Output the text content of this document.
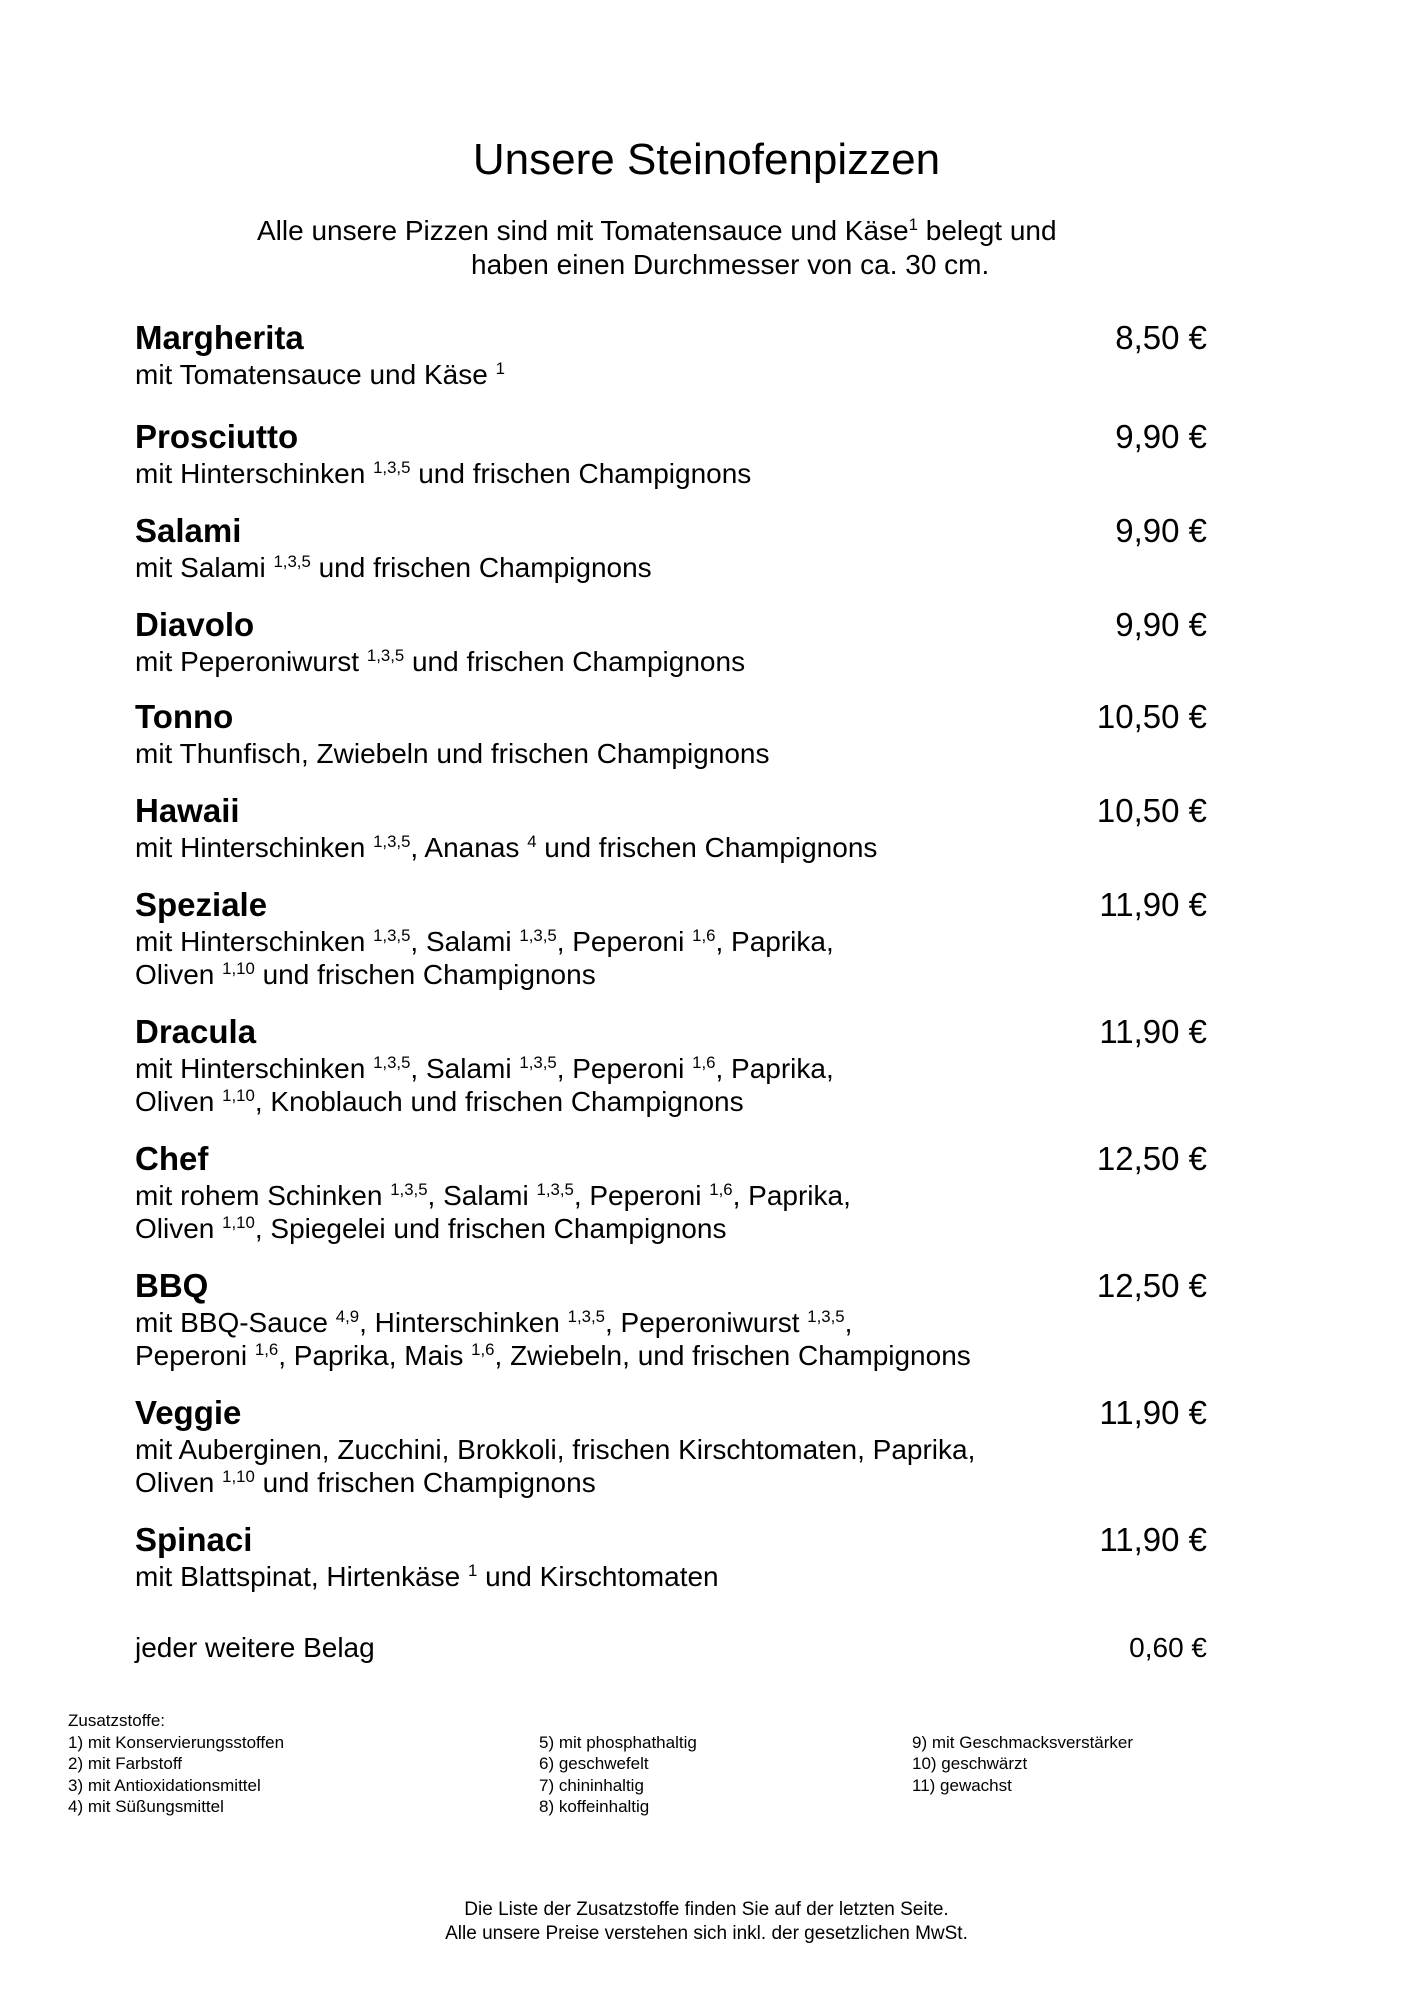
Unsere Steinofenpizzen
Alle unsere Pizzen sind mit Tomatensauce und Käse$^1$ belegt und
haben einen Durchmesser von ca. 30 cm.
Margherita	8,50 €
mit Tomatensauce und Käse $^1$
Prosciutto	9,90 €
mit Hinterschinken $^{1,3,5}$ und frischen Champignons
Salami	9,90 €
mit Salami $^{1,3,5}$ und frischen Champignons
Diavolo	9,90 €
mit Peperoniwurst $^{1,3,5}$ und frischen Champignons
Tonno	10,50 €
mit Thunfisch, Zwiebeln und frischen Champignons
Hawaii	10,50 €
mit Hinterschinken $^{1,3,5}$, Ananas $^4$ und frischen Champignons
Speziale	11,90 €
mit Hinterschinken $^{1,3,5}$, Salami $^{1,3,5}$, Peperoni $^{1,6}$, Paprika,
Oliven $^{1,10}$ und frischen Champignons
Dracula	11,90 €
mit Hinterschinken $^{1,3,5}$, Salami $^{1,3,5}$, Peperoni $^{1,6}$, Paprika,
Oliven $^{1,10}$, Knoblauch und frischen Champignons
Chef	12,50 €
mit rohem Schinken $^{1,3,5}$, Salami $^{1,3,5}$, Peperoni $^{1,6}$, Paprika,
Oliven $^{1,10}$, Spiegelei und frischen Champignons
BBQ	12,50 €
mit BBQ-Sauce $^{4,9}$, Hinterschinken $^{1,3,5}$, Peperoniwurst $^{1,3,5}$,
Peperoni $^{1,6}$, Paprika, Mais $^{1,6}$, Zwiebeln, und frischen Champignons
Veggie	11,90 €
mit Auberginen, Zucchini, Brokkoli, frischen Kirschtomaten, Paprika,
Oliven $^{1,10}$ und frischen Champignons
Spinaci	11,90 €
mit Blattspinat, Hirtenkäse $^1$ und Kirschtomaten
jeder weitere Belag	0,60 €
Zusatzstoffe:
1) mit Konservierungsstoffen
2) mit Farbstoff
3) mit Antioxidationsmittel
4) mit Süßungsmittel
5) mit phosphathaltig
6) geschwefelt
7) chininhaltig
8) koffeinhaltig
9) mit Geschmacksverstärker
10) geschwärzt
11) gewachst
Die Liste der Zusatzstoffe finden Sie auf der letzten Seite.
Alle unsere Preise verstehen sich inkl. der gesetzlichen MwSt.
